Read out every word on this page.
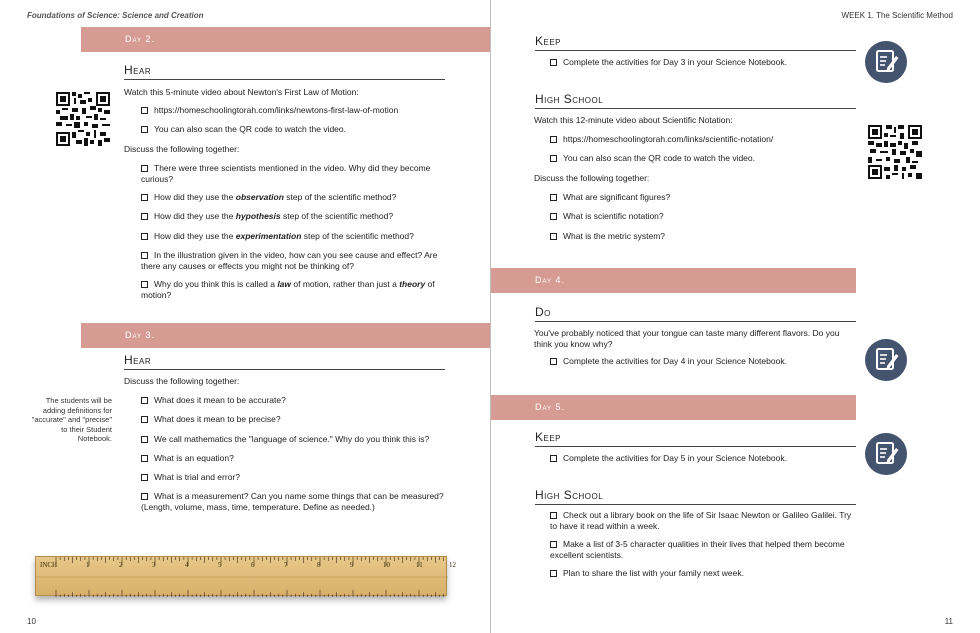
Foundations of Science: Science and Creation
Day 2.
Hear
Watch this 5-minute video about Newton's First Law of Motion:
https://homeschoolingtorah.com/links/newtons-first-law-of-motion
You can also scan the QR code to watch the video.
Discuss the following together:
There were three scientists mentioned in the video. Why did they become curious?
How did they use the observation step of the scientific method?
How did they use the hypothesis step of the scientific method?
How did they use the experimentation step of the scientific method?
In the illustration given in the video, how can you see cause and effect? Are there any causes or effects you might not be thinking of?
Why do you think this is called a law of motion, rather than just a theory of motion?
Day 3.
Hear
Discuss the following together:
The students will be adding definitions for "accurate" and "precise" to their Student Notebook.
What does it mean to be accurate?
What does it mean to be precise?
We call mathematics the "language of science." Why do you think this is?
What is an equation?
What is trial and error?
What is a measurement? Can you name some things that can be measured? (Length, volume, mass, time, temperature. Define as needed.)
INCH	1	2	3	4	5	6	7	8	9	10	11	12
10
WEEK 1. The Scientific Method
Keep
Complete the activities for Day 3 in your Science Notebook.
High School
Watch this 12-minute video about Scientific Notation:
https://homeschoolingtorah.com/links/scientific-notation/
You can also scan the QR code to watch the video.
Discuss the following together:
What are significant figures?
What is scientific notation?
What is the metric system?
Day 4.
Do
You've probably noticed that your tongue can taste many different flavors. Do you think you know why?
Complete the activities for Day 4 in your Science Notebook.
Day 5.
Keep
Complete the activities for Day 5 in your Science Notebook.
High School
Check out a library book on the life of Sir Isaac Newton or Galileo Galilei. Try to have it read within a week.
Make a list of 3-5 character qualities in their lives that helped them become excellent scientists.
Plan to share the list with your family next week.
11
